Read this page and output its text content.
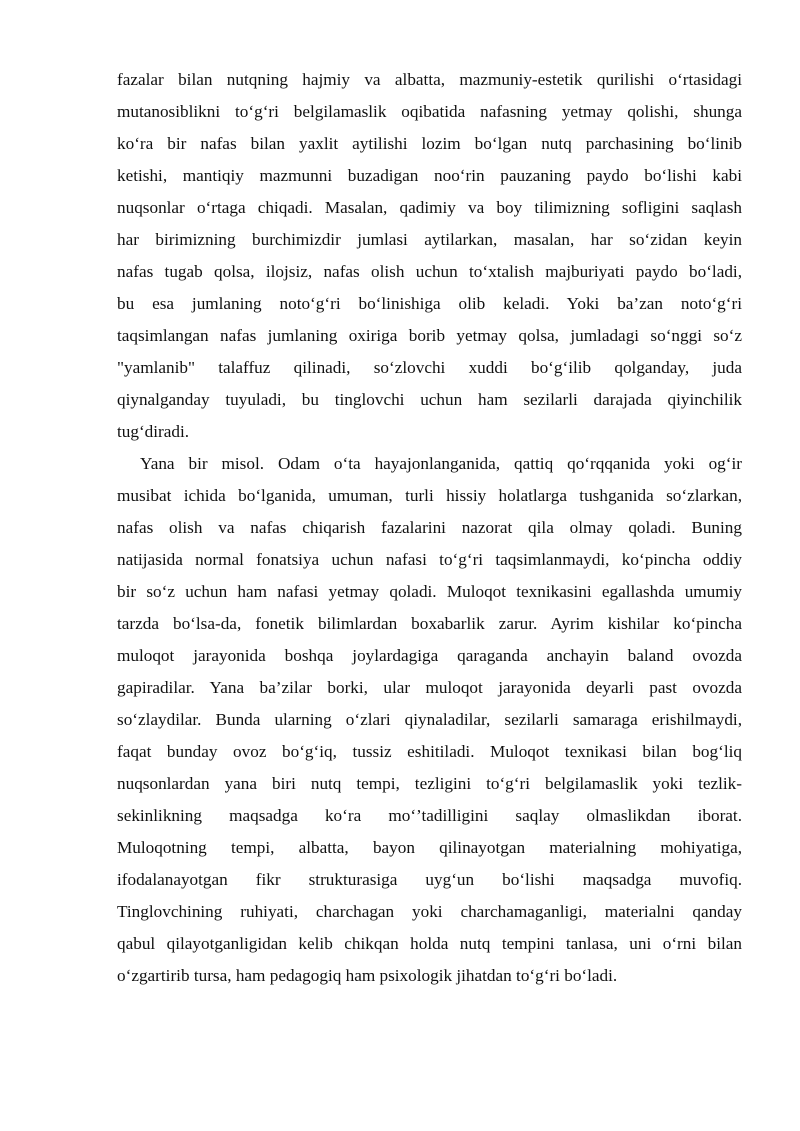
fazalar bilan nutqning hajmiy va albatta, mazmuniy-estetik qurilishi o‘rtasidagi
mutanosiblikni to‘g‘ri belgilamaslik oqibatida nafasning yetmay qolishi, shunga
ko‘ra bir nafas bilan yaxlit aytilishi lozim bo‘lgan nutq parchasining bo‘linib
ketishi, mantiqiy mazmunni buzadigan noo‘rin pauzaning paydo bo‘lishi kabi
nuqsonlar o‘rtaga chiqadi. Masalan, qadimiy va boy tilimizning sofligini saqlash
har birimizning burchimizdir jumlasi aytilarkan, masalan, har so‘zidan keyin
nafas tugab qolsa, ilojsiz, nafas olish uchun to‘xtalish majburiyati paydo bo‘ladi,
bu esa jumlaning noto‘g‘ri bo‘linishiga olib keladi. Yoki ba’zan noto‘g‘ri
taqsimlangan nafas jumlaning oxiriga borib yetmay qolsa, jumladagi so‘nggi so‘z
"yamlanib" talaffuz qilinadi, so‘zlovchi xuddi bo‘g‘ilib qolganday, juda
qiynalganday tuyuladi, bu tinglovchi uchun ham sezilarli darajada qiyinchilik
tug‘diradi.
Yana bir misol. Odam o‘ta hayajonlanganida, qattiq qo‘rqqanida yoki og‘ir
musibat ichida bo‘lganida, umuman, turli hissiy holatlarga tushganida so‘zlarkan,
nafas olish va nafas chiqarish fazalarini nazorat qila olmay qoladi. Buning
natijasida normal fonatsiya uchun nafasi to‘g‘ri taqsimlanmaydi, ko‘pincha oddiy
bir so‘z uchun ham nafasi yetmay qoladi. Muloqot texnikasini egallashda umumiy
tarzda bo‘lsa-da, fonetik bilimlardan boxabarlik zarur. Ayrim kishilar ko‘pincha
muloqot jarayonida boshqa joylardagiga qaraganda anchayin baland ovozda
gapiradilar. Yana ba’zilar borki, ular muloqot jarayonida deyarli past ovozda
so‘zlaydilar. Bunda ularning o‘zlari qiynaladilar, sezilarli samaraga erishilmaydi,
faqat bunday ovoz bo‘g‘iq, tussiz eshitiladi. Muloqot texnikasi bilan bog‘liq
nuqsonlardan yana biri nutq tempi, tezligini to‘g‘ri belgilamaslik yoki tezlik-
sekinlikning maqsadga ko‘ra mo‘’tadilligini saqlay olmaslikdan iborat.
Muloqotning tempi, albatta, bayon qilinayotgan materialning mohiyatiga,
ifodalanayotgan fikr strukturasiga uyg‘un bo‘lishi maqsadga muvofiq.
Tinglovchining ruhiyati, charchagan yoki charchamaganligi, materialni qanday
qabul qilayotganligidan kelib chikqan holda nutq tempini tanlasa, uni o‘rni bilan
o‘zgartirib tursa, ham pedagogiq ham psixologik jihatdan to‘g‘ri bo‘ladi.
